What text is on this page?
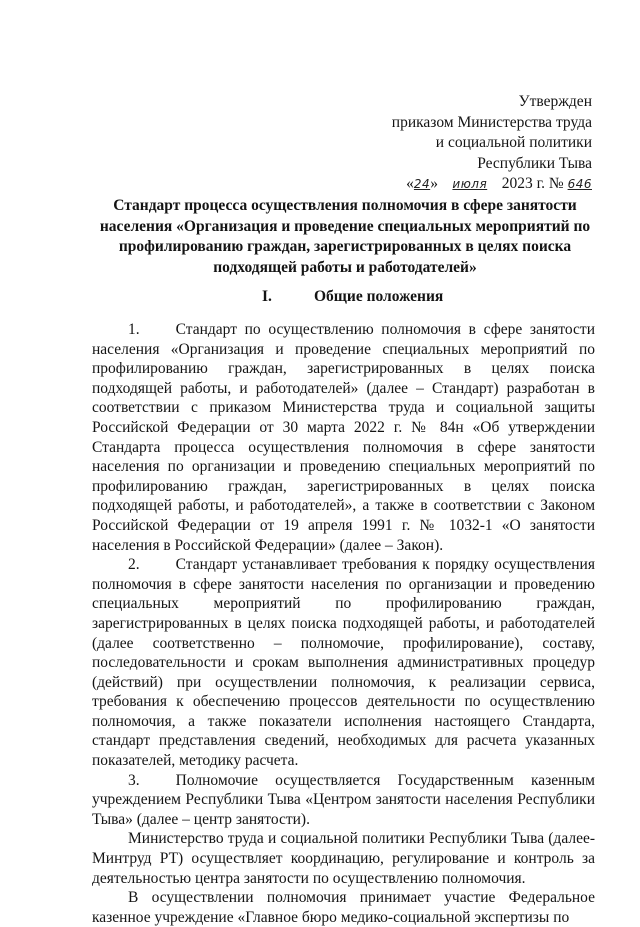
Утвержден
приказом Министерства труда
и социальной политики
Республики Тыва
«24» июля 2023 г. № 646
Стандарт процесса осуществления полномочия в сфере занятости населения «Организация и проведение специальных мероприятий по профилированию граждан, зарегистрированных в целях поиска подходящей работы и работодателей»
I.	Общие положения

1. Стандарт по осуществлению полномочия в сфере занятости населения «Организация и проведение специальных мероприятий по профилированию граждан, зарегистрированных в целях поиска подходящей работы, и работодателей» (далее – Стандарт) разработан в соответствии с приказом Министерства труда и социальной защиты Российской Федерации от 30 марта 2022 г. № 84н «Об утверждении Стандарта процесса осуществления полномочия в сфере занятости населения по организации и проведению специальных мероприятий по профилированию граждан, зарегистрированных в целях поиска подходящей работы, и работодателей», а также в соответствии с Законом Российской Федерации от 19 апреля 1991 г. № 1032-1 «О занятости населения в Российской Федерации» (далее – Закон).

2. Стандарт устанавливает требования к порядку осуществления полномочия в сфере занятости населения по организации и проведению специальных мероприятий по профилированию граждан, зарегистрированных в целях поиска подходящей работы, и работодателей (далее соответственно – полномочие, профилирование), составу, последовательности и срокам выполнения административных процедур (действий) при осуществлении полномочия, к реализации сервиса, требования к обеспечению процессов деятельности по осуществлению полномочия, а также показатели исполнения настоящего Стандарта, стандарт представления сведений, необходимых для расчета указанных показателей, методику расчета.

3. Полномочие осуществляется Государственным казенным учреждением Республики Тыва «Центром занятости населения Республики Тыва» (далее – центр занятости).

Министерство труда и социальной политики Республики Тыва (далее- Минтруд РТ) осуществляет координацию, регулирование и контроль за деятельностью центра занятости по осуществлению полномочия.

В осуществлении полномочия принимает участие Федеральное казенное учреждение «Главное бюро медико-социальной экспертизы по
